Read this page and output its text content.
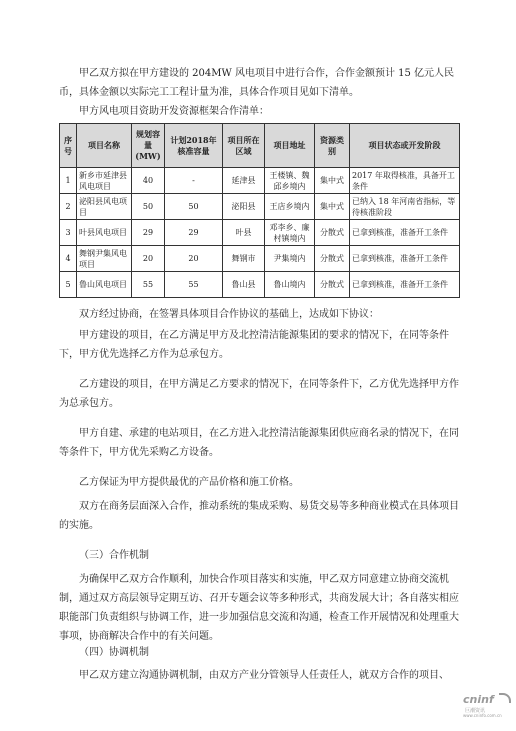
甲乙双方拟在甲方建设的 204MW 风电项目中进行合作，合作金额预计 15 亿元人民币，具体金额以实际完工工程计量为准，具体合作项目见如下清单。

甲方风电项目资助开发资源框架合作清单：

序号	项目名称	规划容量(MW)	计划2018年核准容量	项目所在区域	项目地址	资源类别	项目状态或开发阶段
1	新乡市延津县风电项目	40	-	延津县	王楼镇、魏邱乡境内	集中式	2017 年取得核准，具备开工条件
2	泌阳县风电项目	50	50	泌阳县	王店乡境内	集中式	已纳入 18 年河南省指标，等待核准阶段
3	叶县风电项目	29	29	叶县	邓李乡、廉村镇境内	分散式	已拿到核准，准备开工条件
4	舞钢尹集风电项目	20	20	舞钢市	尹集境内	分散式	已拿到核准，准备开工条件
5	鲁山风电项目	55	55	鲁山县	鲁山境内	分散式	已拿到核准，准备开工条件

双方经过协商，在签署具体项目合作协议的基础上，达成如下协议：

甲方建设的项目，在乙方满足甲方及北控清洁能源集团的要求的情况下，在同等条件下，甲方优先选择乙方作为总承包方。

乙方建设的项目，在甲方满足乙方要求的情况下，在同等条件下，乙方优先选择甲方作为总承包方。

甲方自建、承建的电站项目，在乙方进入北控清洁能源集团供应商名录的情况下，在同等条件下，甲方优先采购乙方设备。

乙方保证为甲方提供最优的产品价格和施工价格。

双方在商务层面深入合作，推动系统的集成采购、易货交易等多种商业模式在具体项目的实施。

（三）合作机制

为确保甲乙双方合作顺利，加快合作项目落实和实施，甲乙双方同意建立协商交流机制，通过双方高层领导定期互访、召开专题会议等多种形式，共商发展大计；各自落实相应职能部门负责组织与协调工作，进一步加强信息交流和沟通，检查工作开展情况和处理重大事项，协商解决合作中的有关问题。

（四）协调机制

甲乙双方建立沟通协调机制，由双方产业分管领导人任责任人，就双方合作的项目、

cninf
巨潮资讯
www.cninfo.com.cn
